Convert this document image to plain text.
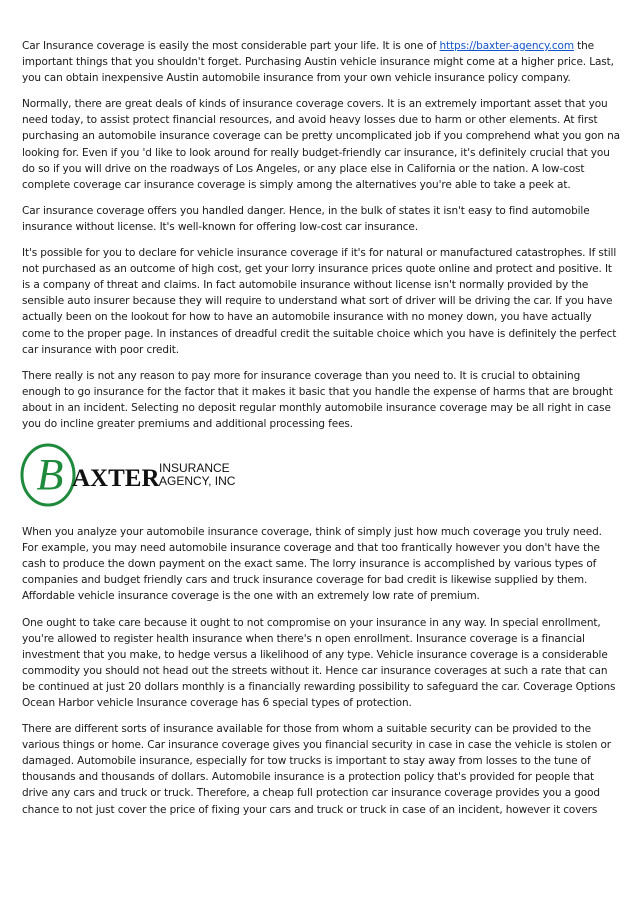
Car Insurance coverage is easily the most considerable part your life. It is one of https://baxter-agency.com the important things that you shouldn't forget. Purchasing Austin vehicle insurance might come at a higher price. Last, you can obtain inexpensive Austin automobile insurance from your own vehicle insurance policy company.

Normally, there are great deals of kinds of insurance coverage covers. It is an extremely important asset that you need today, to assist protect financial resources, and avoid heavy losses due to harm or other elements. At first purchasing an automobile insurance coverage can be pretty uncomplicated job if you comprehend what you gon na looking for. Even if you 'd like to look around for really budget-friendly car insurance, it's definitely crucial that you do so if you will drive on the roadways of Los Angeles, or any place else in California or the nation. A low-cost complete coverage car insurance coverage is simply among the alternatives you're able to take a peek at.

Car insurance coverage offers you handled danger. Hence, in the bulk of states it isn't easy to find automobile insurance without license. It's well-known for offering low-cost car insurance.

It's possible for you to declare for vehicle insurance coverage if it's for natural or manufactured catastrophes. If still not purchased as an outcome of high cost, get your lorry insurance prices quote online and protect and positive. It is a company of threat and claims. In fact automobile insurance without license isn't normally provided by the sensible auto insurer because they will require to understand what sort of driver will be driving the car. If you have actually been on the lookout for how to have an automobile insurance with no money down, you have actually come to the proper page. In instances of dreadful credit the suitable choice which you have is definitely the perfect car insurance with poor credit.

There really is not any reason to pay more for insurance coverage than you need to. It is crucial to obtaining enough to go insurance for the factor that it makes it basic that you handle the expense of harms that are brought about in an incident. Selecting no deposit regular monthly automobile insurance coverage may be all right in case you do incline greater premiums and additional processing fees.

B AXTER INSURANCE
AGENCY, INC

When you analyze your automobile insurance coverage, think of simply just how much coverage you truly need. For example, you may need automobile insurance coverage and that too frantically however you don't have the cash to produce the down payment on the exact same. The lorry insurance is accomplished by various types of companies and budget friendly cars and truck insurance coverage for bad credit is likewise supplied by them. Affordable vehicle insurance coverage is the one with an extremely low rate of premium.

One ought to take care because it ought to not compromise on your insurance in any way. In special enrollment, you're allowed to register health insurance when there's n open enrollment. Insurance coverage is a financial investment that you make, to hedge versus a likelihood of any type. Vehicle insurance coverage is a considerable commodity you should not head out the streets without it. Hence car insurance coverages at such a rate that can be continued at just 20 dollars monthly is a financially rewarding possibility to safeguard the car. Coverage Options Ocean Harbor vehicle Insurance coverage has 6 special types of protection.

There are different sorts of insurance available for those from whom a suitable security can be provided to the various things or home. Car insurance coverage gives you financial security in case in case the vehicle is stolen or damaged. Automobile insurance, especially for tow trucks is important to stay away from losses to the tune of thousands and thousands of dollars. Automobile insurance is a protection policy that's provided for people that drive any cars and truck or truck. Therefore, a cheap full protection car insurance coverage provides you a good chance to not just cover the price of fixing your cars and truck or truck in case of an incident, however it covers
